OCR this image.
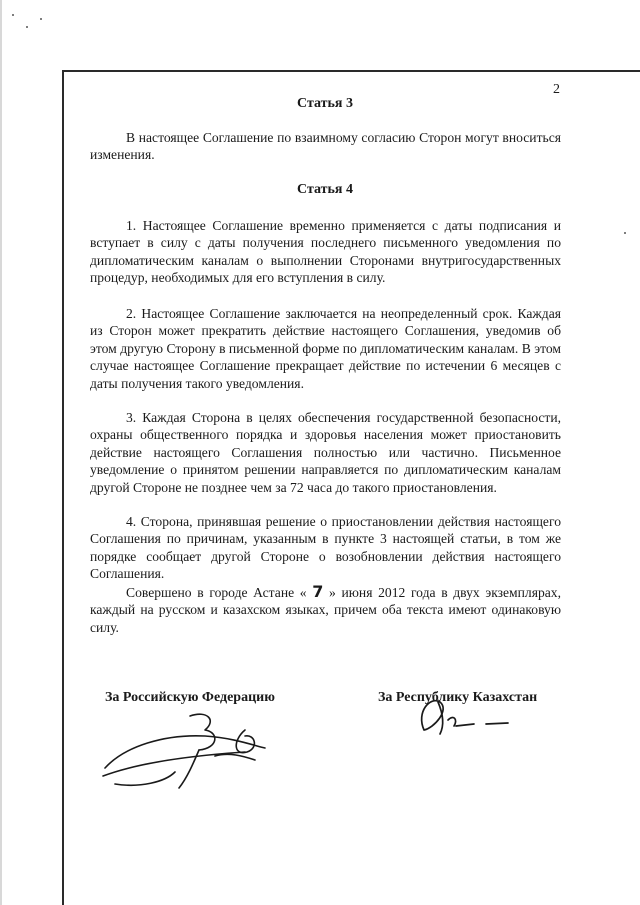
2
Статья 3

В настоящее Соглашение по взаимному согласию Сторон могут вноситься изменения.

Статья 4

1. Настоящее Соглашение временно применяется с даты подписания и вступает в силу с даты получения последнего письменного уведомления по дипломатическим каналам о выполнении Сторонами внутригосударственных процедур, необходимых для его вступления в силу.

2. Настоящее Соглашение заключается на неопределенный срок. Каждая из Сторон может прекратить действие настоящего Соглашения, уведомив об этом другую Сторону в письменной форме по дипломатическим каналам. В этом случае настоящее Соглашение прекращает действие по истечении 6 месяцев с даты получения такого уведомления.

3. Каждая Сторона в целях обеспечения государственной безопасности, охраны общественного порядка и здоровья населения может приостановить действие настоящего Соглашения полностью или частично. Письменное уведомление о принятом решении направляется по дипломатическим каналам другой Стороне не позднее чем за 72 часа до такого приостановления.

4. Сторона, принявшая решение о приостановлении действия настоящего Соглашения по причинам, указанным в пункте 3 настоящей статьи, в том же порядке сообщает другой Стороне о возобновлении действия настоящего Соглашения.

Совершено в городе Астане « 7 » июня 2012 года в двух экземплярах, каждый на русском и казахском языках, причем оба текста имеют одинаковую силу.

За Российскую Федерацию	За Республику Казахстан
